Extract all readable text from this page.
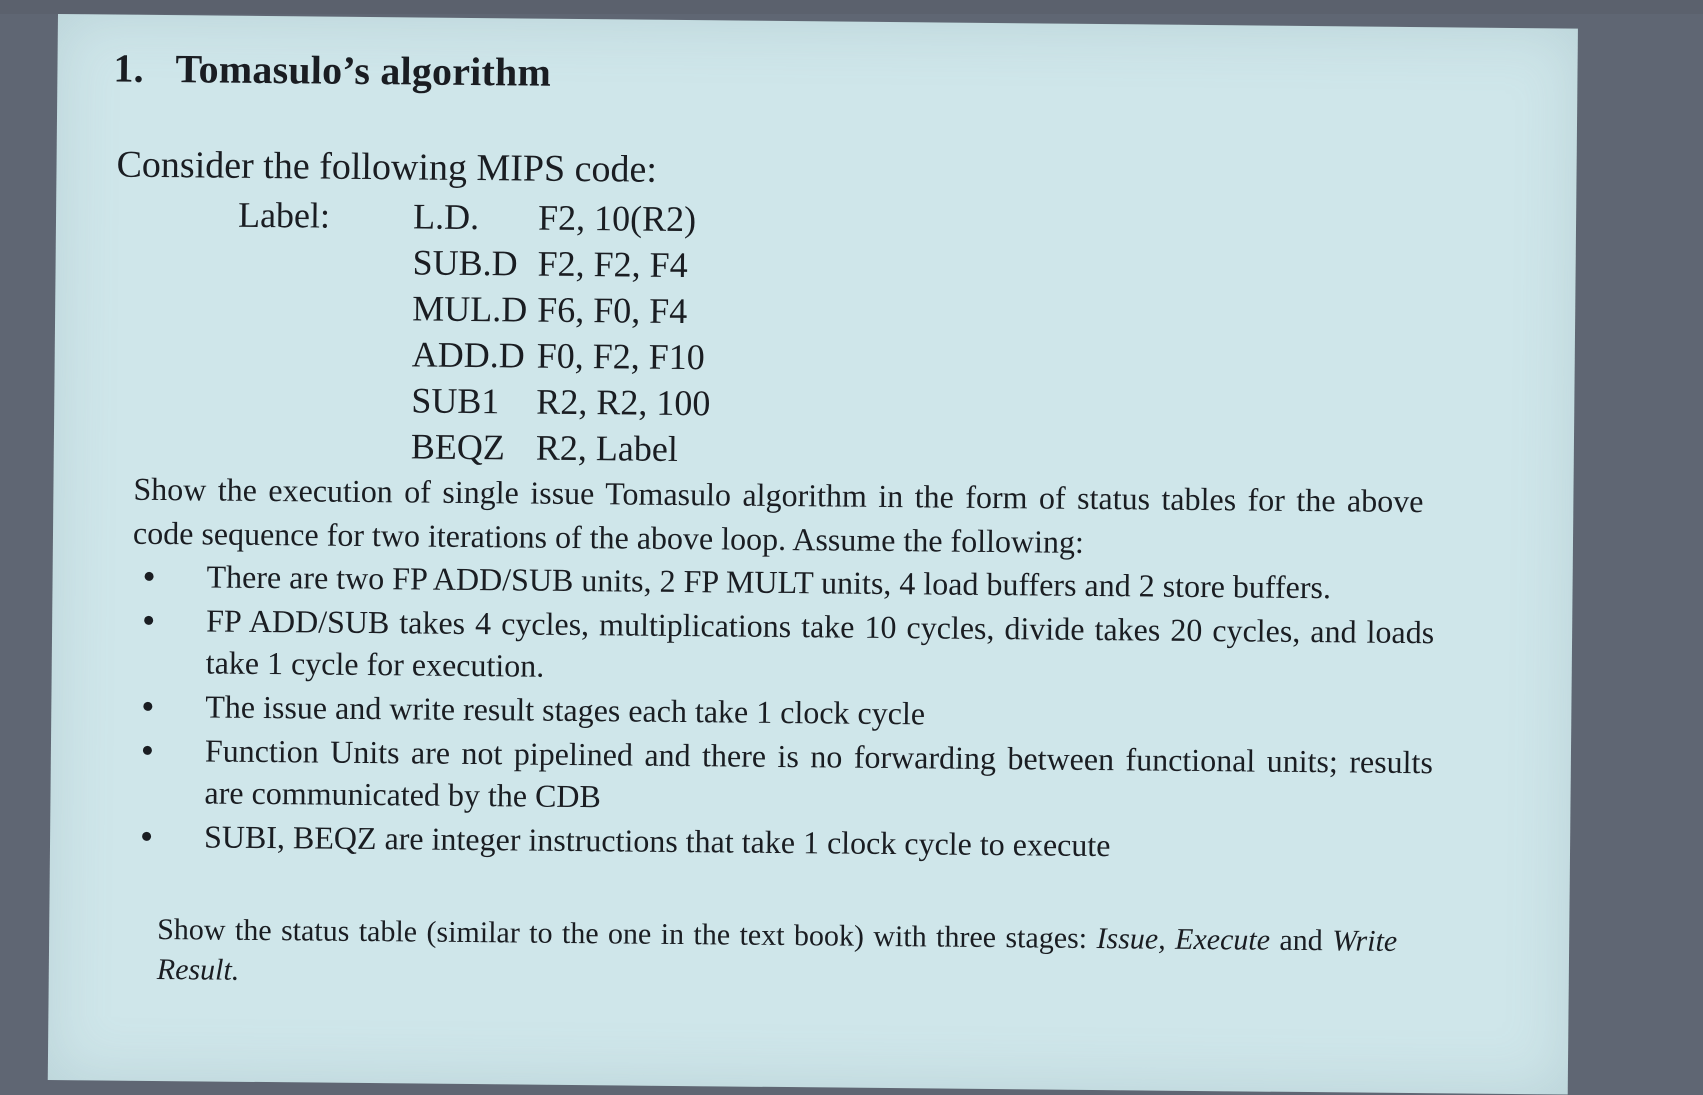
1. Tomasulo’s algorithm
Consider the following MIPS code:
Label: L.D. F2, 10(R2)
SUB.D F2, F2, F4
MUL.D F6, F0, F4
ADD.D F0, F2, F10
SUB1 R2, R2, 100
BEQZ R2, Label
Show the execution of single issue Tomasulo algorithm in the form of status tables for the above code sequence for two iterations of the above loop. Assume the following:
There are two FP ADD/SUB units, 2 FP MULT units, 4 load buffers and 2 store buffers.
FP ADD/SUB takes 4 cycles, multiplications take 10 cycles, divide takes 20 cycles, and loads take 1 cycle for execution.
The issue and write result stages each take 1 clock cycle
Function Units are not pipelined and there is no forwarding between functional units; results are communicated by the CDB
SUBI, BEQZ are integer instructions that take 1 clock cycle to execute
Show the status table (similar to the one in the text book) with three stages: Issue, Execute and Write Result.
